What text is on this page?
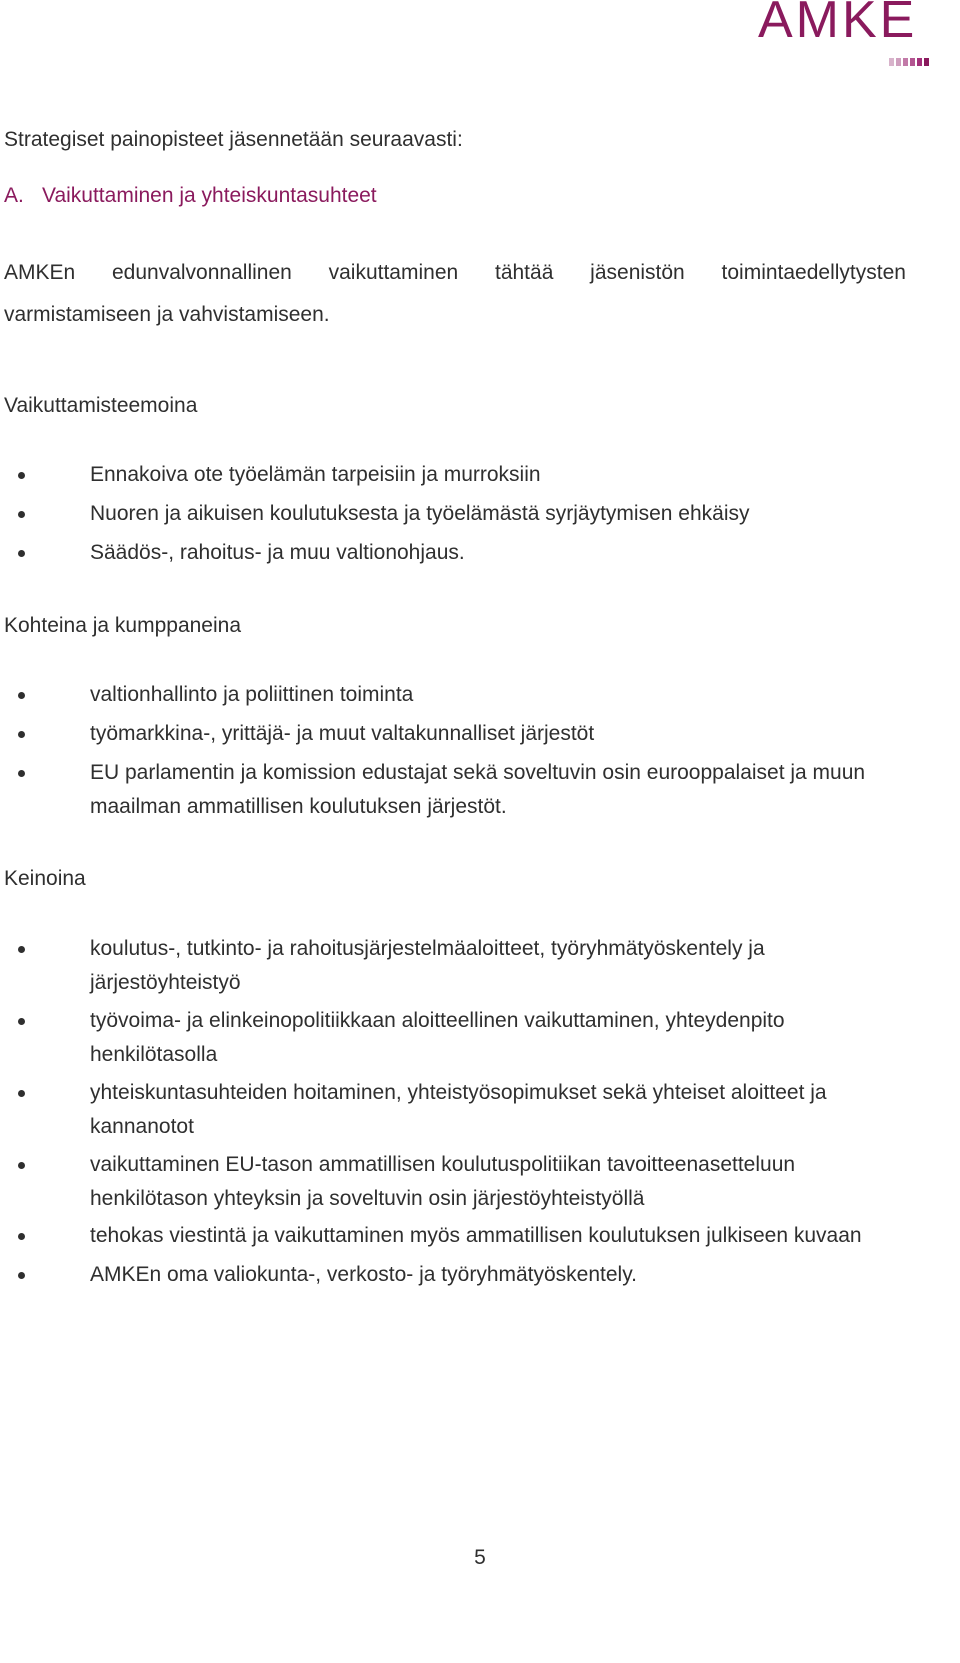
AMKE
Strategiset painopisteet jäsennetään seuraavasti:
A. Vaikuttaminen ja yhteiskuntasuhteet
AMKEn edunvalvonnallinen vaikuttaminen tähtää jäsenistön toimintaedellytysten
varmistamiseen ja vahvistamiseen.
Vaikuttamisteemoina
Ennakoiva ote työelämän tarpeisiin ja murroksiin
Nuoren ja aikuisen koulutuksesta ja työelämästä syrjäytymisen ehkäisy
Säädös-, rahoitus- ja muu valtionohjaus.
Kohteina ja kumppaneina
valtionhallinto ja poliittinen toiminta
työmarkkina-, yrittäjä- ja muut valtakunnalliset järjestöt
EU parlamentin ja komission edustajat sekä soveltuvin osin eurooppalaiset ja muun maailman ammatillisen koulutuksen järjestöt.
Keinoina
koulutus-, tutkinto- ja rahoitusjärjestelmäaloitteet, työryhmätyöskentely ja järjestöyhteistyö
työvoima- ja elinkeinopolitiikkaan aloitteellinen vaikuttaminen, yhteydenpito henkilötasolla
yhteiskuntasuhteiden hoitaminen, yhteistyösopimukset sekä yhteiset aloitteet ja kannanotot
vaikuttaminen EU-tason ammatillisen koulutuspolitiikan tavoitteenasetteluun henkilötason yhteyksin ja soveltuvin osin järjestöyhteistyöllä
tehokas viestintä ja vaikuttaminen myös ammatillisen koulutuksen julkiseen kuvaan
AMKEn oma valiokunta-, verkosto- ja työryhmätyöskentely.
5
